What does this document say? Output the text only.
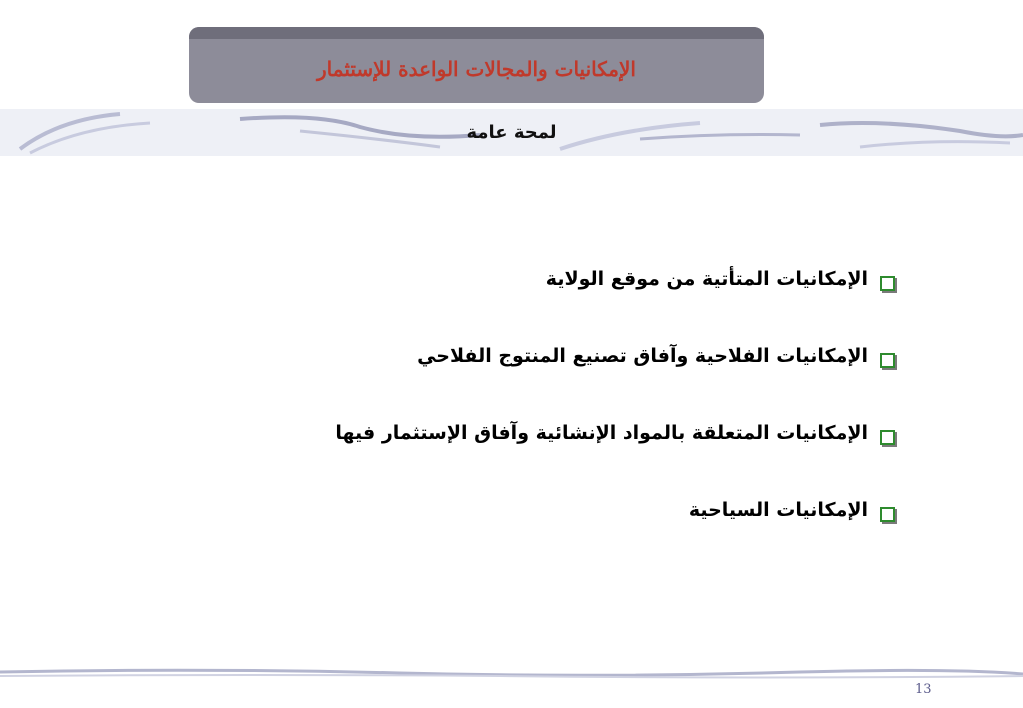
الإمكانيات والمجالات الواعدة للإستثمار
لمحة عامة
الإمكانيات المتأتية من موقع الولاية
الإمكانيات الفلاحية وآفاق تصنيع المنتوج الفلاحي
الإمكانيات المتعلقة بالمواد الإنشائية وآفاق الإستثمار فيها
الإمكانيات السياحية
13
